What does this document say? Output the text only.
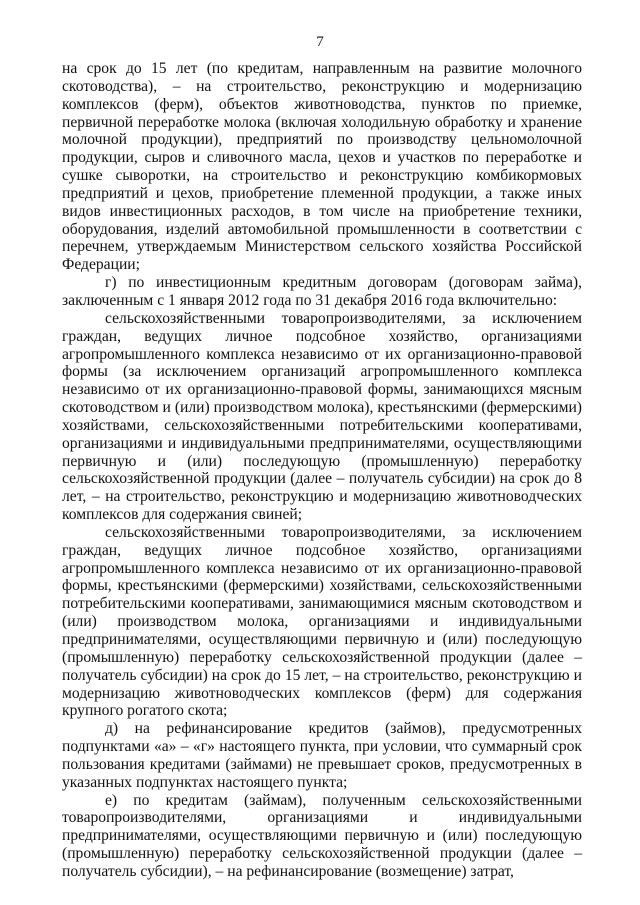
7

на срок до 15 лет (по кредитам, направленным на развитие молочного скотоводства), – на строительство, реконструкцию и модернизацию комплексов (ферм), объектов животноводства, пунктов по приемке, первичной переработке молока (включая холодильную обработку и хранение молочной продукции), предприятий по производству цельномолочной продукции, сыров и сливочного масла, цехов и участков по переработке и сушке сыворотки, на строительство и реконструкцию комбикормовых предприятий и цехов, приобретение племенной продукции, а также иных видов инвестиционных расходов, в том числе на приобретение техники, оборудования, изделий автомобильной промышленности в соответствии с перечнем, утверждаемым Министерством сельского хозяйства Российской Федерации;

г) по инвестиционным кредитным договорам (договорам займа), заключенным с 1 января 2012 года по 31 декабря 2016 года включительно:

сельскохозяйственными товаропроизводителями, за исключением граждан, ведущих личное подсобное хозяйство, организациями агропромышленного комплекса независимо от их организационно-правовой формы (за исключением организаций агропромышленного комплекса независимо от их организационно-правовой формы, занимающихся мясным скотоводством и (или) производством молока), крестьянскими (фермерскими) хозяйствами, сельскохозяйственными потребительскими кооперативами, организациями и индивидуальными предпринимателями, осуществляющими первичную и (или) последующую (промышленную) переработку сельскохозяйственной продукции (далее – получатель субсидии) на срок до 8 лет, – на строительство, реконструкцию и модернизацию животноводческих комплексов для содержания свиней;

сельскохозяйственными товаропроизводителями, за исключением граждан, ведущих личное подсобное хозяйство, организациями агропромышленного комплекса независимо от их организационно-правовой формы, крестьянскими (фермерскими) хозяйствами, сельскохозяйственными потребительскими кооперативами, занимающимися мясным скотоводством и (или) производством молока, организациями и индивидуальными предпринимателями, осуществляющими первичную и (или) последующую (промышленную) переработку сельскохозяйственной продукции (далее – получатель субсидии) на срок до 15 лет, – на строительство, реконструкцию и модернизацию животноводческих комплексов (ферм) для содержания крупного рогатого скота;

д) на рефинансирование кредитов (займов), предусмотренных подпунктами «а» – «г» настоящего пункта, при условии, что суммарный срок пользования кредитами (займами) не превышает сроков, предусмотренных в указанных подпунктах настоящего пункта;

е) по кредитам (займам), полученным сельскохозяйственными товаропроизводителями, организациями и индивидуальными предпринимателями, осуществляющими первичную и (или) последующую (промышленную) переработку сельскохозяйственной продукции (далее – получатель субсидии), – на рефинансирование (возмещение) затрат,
